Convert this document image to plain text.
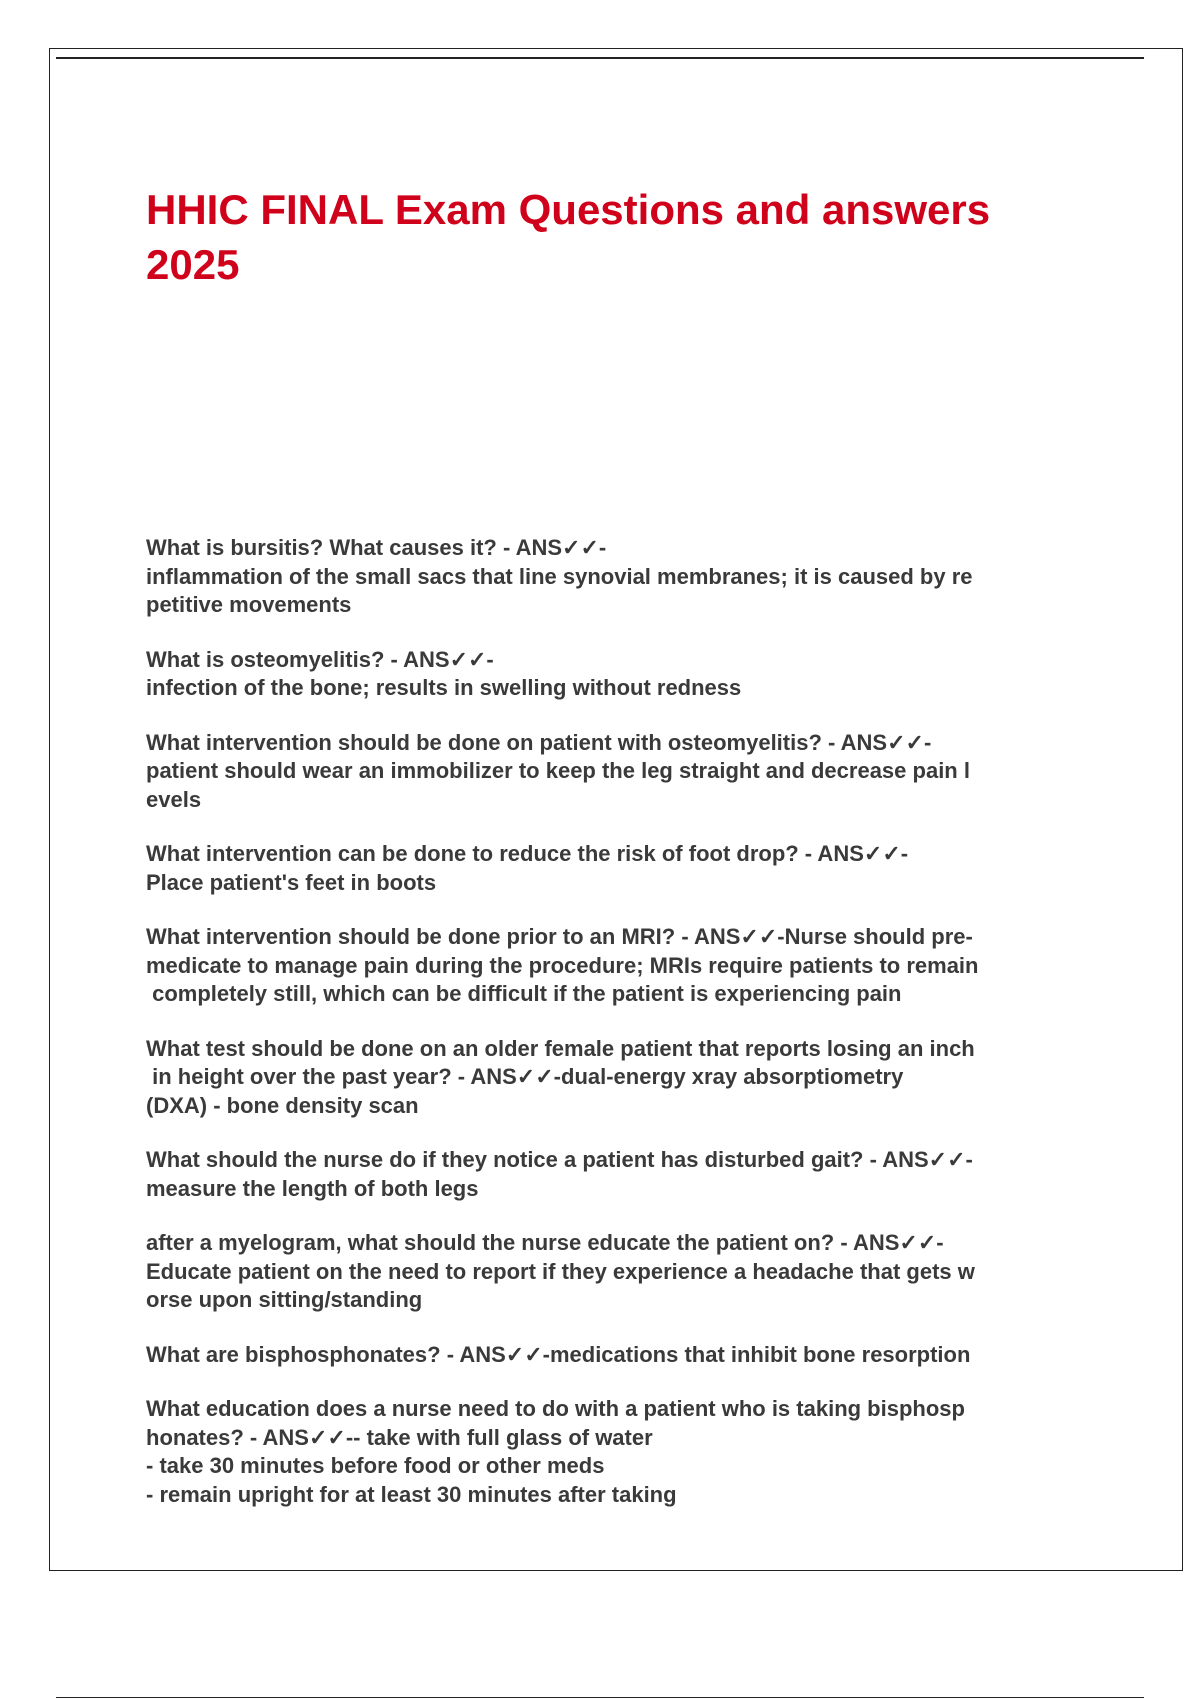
HHIC FINAL Exam Questions and answers
2025
What is bursitis? What causes it? - ANS✓✓-
inflammation of the small sacs that line synovial membranes; it is caused by re
petitive movements
What is osteomyelitis? - ANS✓✓-
infection of the bone; results in swelling without redness
What intervention should be done on patient with osteomyelitis? - ANS✓✓-
patient should wear an immobilizer to keep the leg straight and decrease pain l
evels
What intervention can be done to reduce the risk of foot drop? - ANS✓✓-
Place patient's feet in boots
What intervention should be done prior to an MRI? - ANS✓✓-Nurse should pre-
medicate to manage pain during the procedure; MRIs require patients to remain
completely still, which can be difficult if the patient is experiencing pain
What test should be done on an older female patient that reports losing an inch
in height over the past year? - ANS✓✓-dual-energy xray absorptiometry
(DXA) - bone density scan
What should the nurse do if they notice a patient has disturbed gait? - ANS✓✓-
measure the length of both legs
after a myelogram, what should the nurse educate the patient on? - ANS✓✓-
Educate patient on the need to report if they experience a headache that gets w
orse upon sitting/standing
What are bisphosphonates? - ANS✓✓-medications that inhibit bone resorption
What education does a nurse need to do with a patient who is taking bisphosp
honates? - ANS✓✓-- take with full glass of water
- take 30 minutes before food or other meds
- remain upright for at least 30 minutes after taking
